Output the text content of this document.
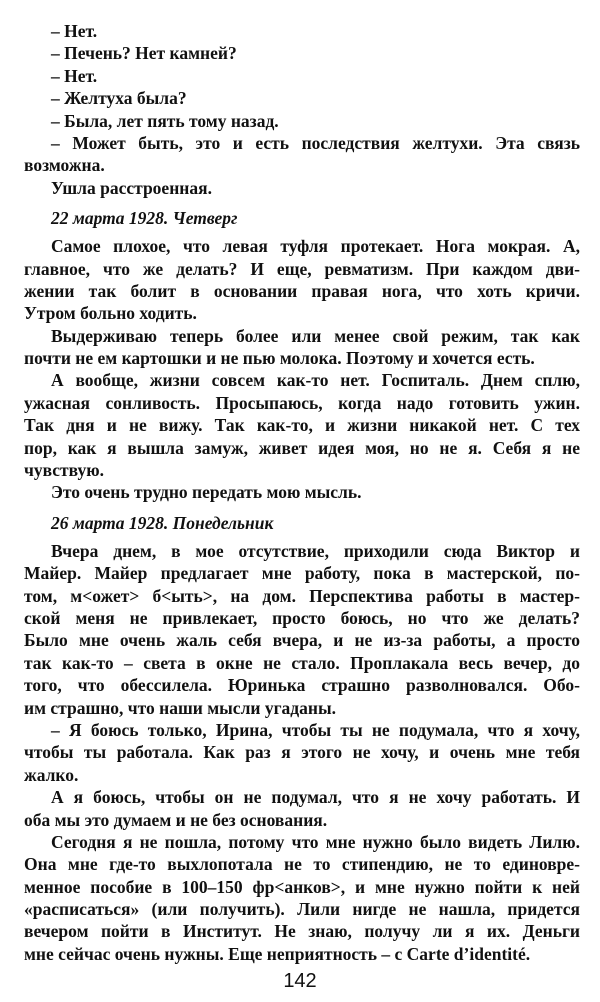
– Нет.
– Печень? Нет камней?
– Нет.
– Желтуха была?
– Была, лет пять тому назад.
– Может быть, это и есть последствия желтухи. Эта связь
возможна.
Ушла расстроенная.
22 марта 1928. Четверг
Самое плохое, что левая туфля протекает. Нога мокрая. А,
главное, что же делать? И еще, ревматизм. При каждом дви-
жении так болит в основании правая нога, что хоть кричи.
Утром больно ходить.
Выдерживаю теперь более или менее свой режим, так как
почти не ем картошки и не пью молока. Поэтому и хочется есть.
А вообще, жизни совсем как-то нет. Госпиталь. Днем сплю,
ужасная сонливость. Просыпаюсь, когда надо готовить ужин.
Так дня и не вижу. Так как-то, и жизни никакой нет. С тех
пор, как я вышла замуж, живет идея моя, но не я. Себя я не
чувствую.
Это очень трудно передать мою мысль.
26 марта 1928. Понедельник
Вчера днем, в мое отсутствие, приходили сюда Виктор и
Майер. Майер предлагает мне работу, пока в мастерской, по-
том, м<ожет> б<ыть>, на дом. Перспектива работы в мастер-
ской меня не привлекает, просто боюсь, но что же делать?
Было мне очень жаль себя вчера, и не из-за работы, а просто
так как-то – света в окне не стало. Проплакала весь вечер, до
того, что обессилела. Юринька страшно разволновался. Обо-
им страшно, что наши мысли угаданы.
– Я боюсь только, Ирина, чтобы ты не подумала, что я хочу,
чтобы ты работала. Как раз я этого не хочу, и очень мне тебя
жалко.
А я боюсь, чтобы он не подумал, что я не хочу работать. И
оба мы это думаем и не без основания.
Сегодня я не пошла, потому что мне нужно было видеть Лилю.
Она мне где-то выхлопотала не то стипендию, не то единовре-
менное пособие в 100–150 фр<анков>, и мне нужно пойти к ней
«расписаться» (или получить). Лили нигде не нашла, придется
вечером пойти в Институт. Не знаю, получу ли я их. Деньги
мне сейчас очень нужны. Еще неприятность – с Carte d’identité.
142
